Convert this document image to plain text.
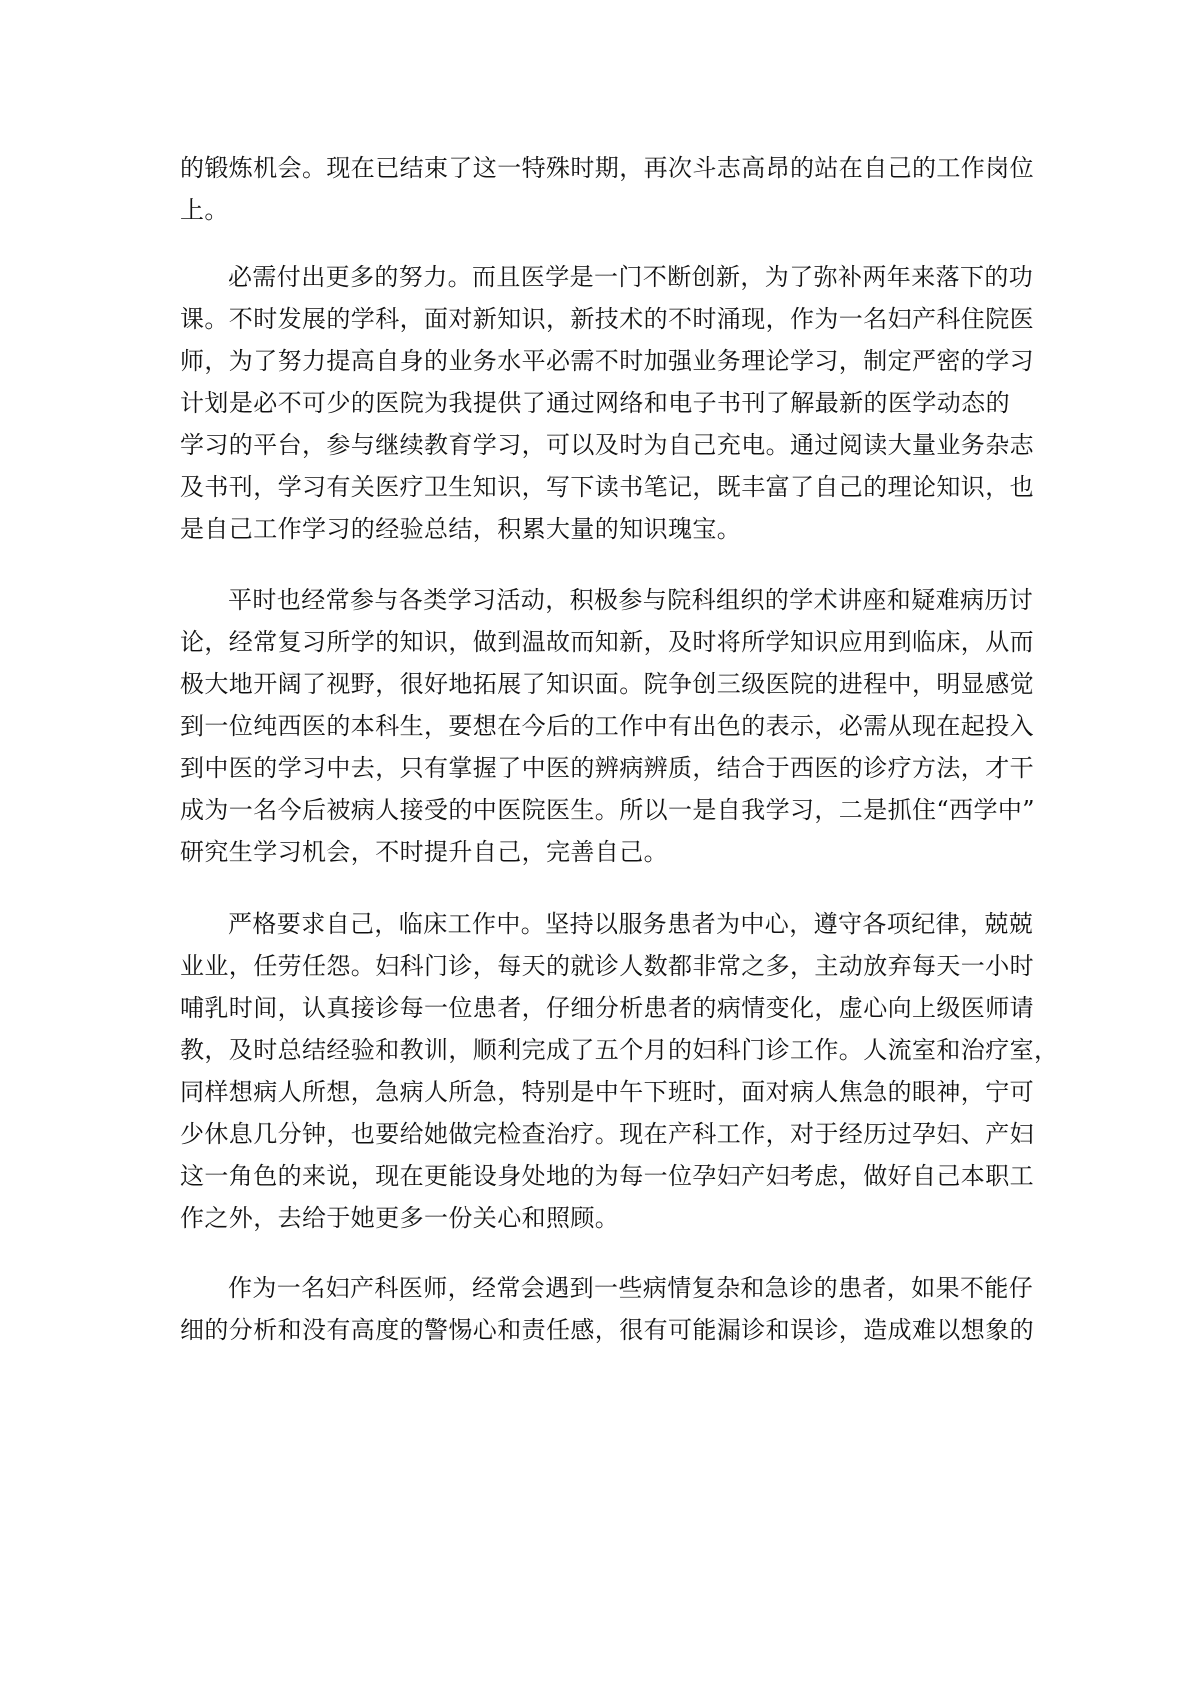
的锻炼机会。现在已结束了这一特殊时期，再次斗志高昂的站在自己的工作岗位
上。
必需付出更多的努力。而且医学是一门不断创新，为了弥补两年来落下的功
课。不时发展的学科，面对新知识，新技术的不时涌现，作为一名妇产科住院医
师，为了努力提高自身的业务水平必需不时加强业务理论学习，制定严密的学习
计划是必不可少的医院为我提供了通过网络和电子书刊了解最新的医学动态的
学习的平台，参与继续教育学习，可以及时为自己充电。通过阅读大量业务杂志
及书刊，学习有关医疗卫生知识，写下读书笔记，既丰富了自己的理论知识，也
是自己工作学习的经验总结，积累大量的知识瑰宝。
平时也经常参与各类学习活动，积极参与院科组织的学术讲座和疑难病历讨
论，经常复习所学的知识，做到温故而知新，及时将所学知识应用到临床，从而
极大地开阔了视野，很好地拓展了知识面。院争创三级医院的进程中，明显感觉
到一位纯西医的本科生，要想在今后的工作中有出色的表示，必需从现在起投入
到中医的学习中去，只有掌握了中医的辨病辨质，结合于西医的诊疗方法，才干
成为一名今后被病人接受的中医院医生。所以一是自我学习，二是抓住“西学中”
研究生学习机会，不时提升自己，完善自己。
严格要求自己，临床工作中。坚持以服务患者为中心，遵守各项纪律，兢兢
业业，任劳任怨。妇科门诊，每天的就诊人数都非常之多，主动放弃每天一小时
哺乳时间，认真接诊每一位患者，仔细分析患者的病情变化，虚心向上级医师请
教，及时总结经验和教训，顺利完成了五个月的妇科门诊工作。人流室和治疗室，
同样想病人所想，急病人所急，特别是中午下班时，面对病人焦急的眼神，宁可
少休息几分钟，也要给她做完检查治疗。现在产科工作，对于经历过孕妇、产妇
这一角色的来说，现在更能设身处地的为每一位孕妇产妇考虑，做好自己本职工
作之外，去给于她更多一份关心和照顾。
作为一名妇产科医师，经常会遇到一些病情复杂和急诊的患者，如果不能仔
细的分析和没有高度的警惕心和责任感，很有可能漏诊和误诊，造成难以想象的
